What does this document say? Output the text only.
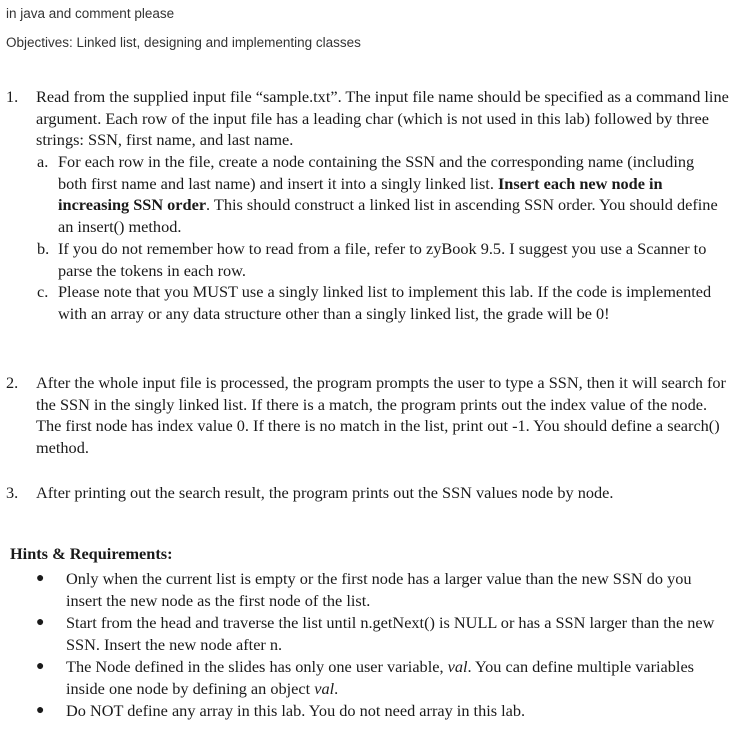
in java and comment please
Objectives: Linked list, designing and implementing classes
1. Read from the supplied input file “sample.txt”. The input file name should be specified as a command line argument. Each row of the input file has a leading char (which is not used in this lab) followed by three strings: SSN, first name, and last name.

a. For each row in the file, create a node containing the SSN and the corresponding name (including both first name and last name) and insert it into a singly linked list. Insert each new node in increasing SSN order. This should construct a linked list in ascending SSN order. You should define an insert() method.
b. If you do not remember how to read from a file, refer to zyBook 9.5. I suggest you use a Scanner to parse the tokens in each row.
c. Please note that you MUST use a singly linked list to implement this lab. If the code is implemented with an array or any data structure other than a singly linked list, the grade will be 0!
2. After the whole input file is processed, the program prompts the user to type a SSN, then it will search for the SSN in the singly linked list. If there is a match, the program prints out the index value of the node. The first node has index value 0. If there is no match in the list, print out -1. You should define a search() method.

3. After printing out the search result, the program prints out the SSN values node by node.

Hints & Requirements:
● Only when the current list is empty or the first node has a larger value than the new SSN do you insert the new node as the first node of the list.
● Start from the head and traverse the list until n.getNext() is NULL or has a SSN larger than the new SSN. Insert the new node after n.
● The Node defined in the slides has only one user variable, val. You can define multiple variables inside one node by defining an object val.
● Do NOT define any array in this lab. You do not need array in this lab.
